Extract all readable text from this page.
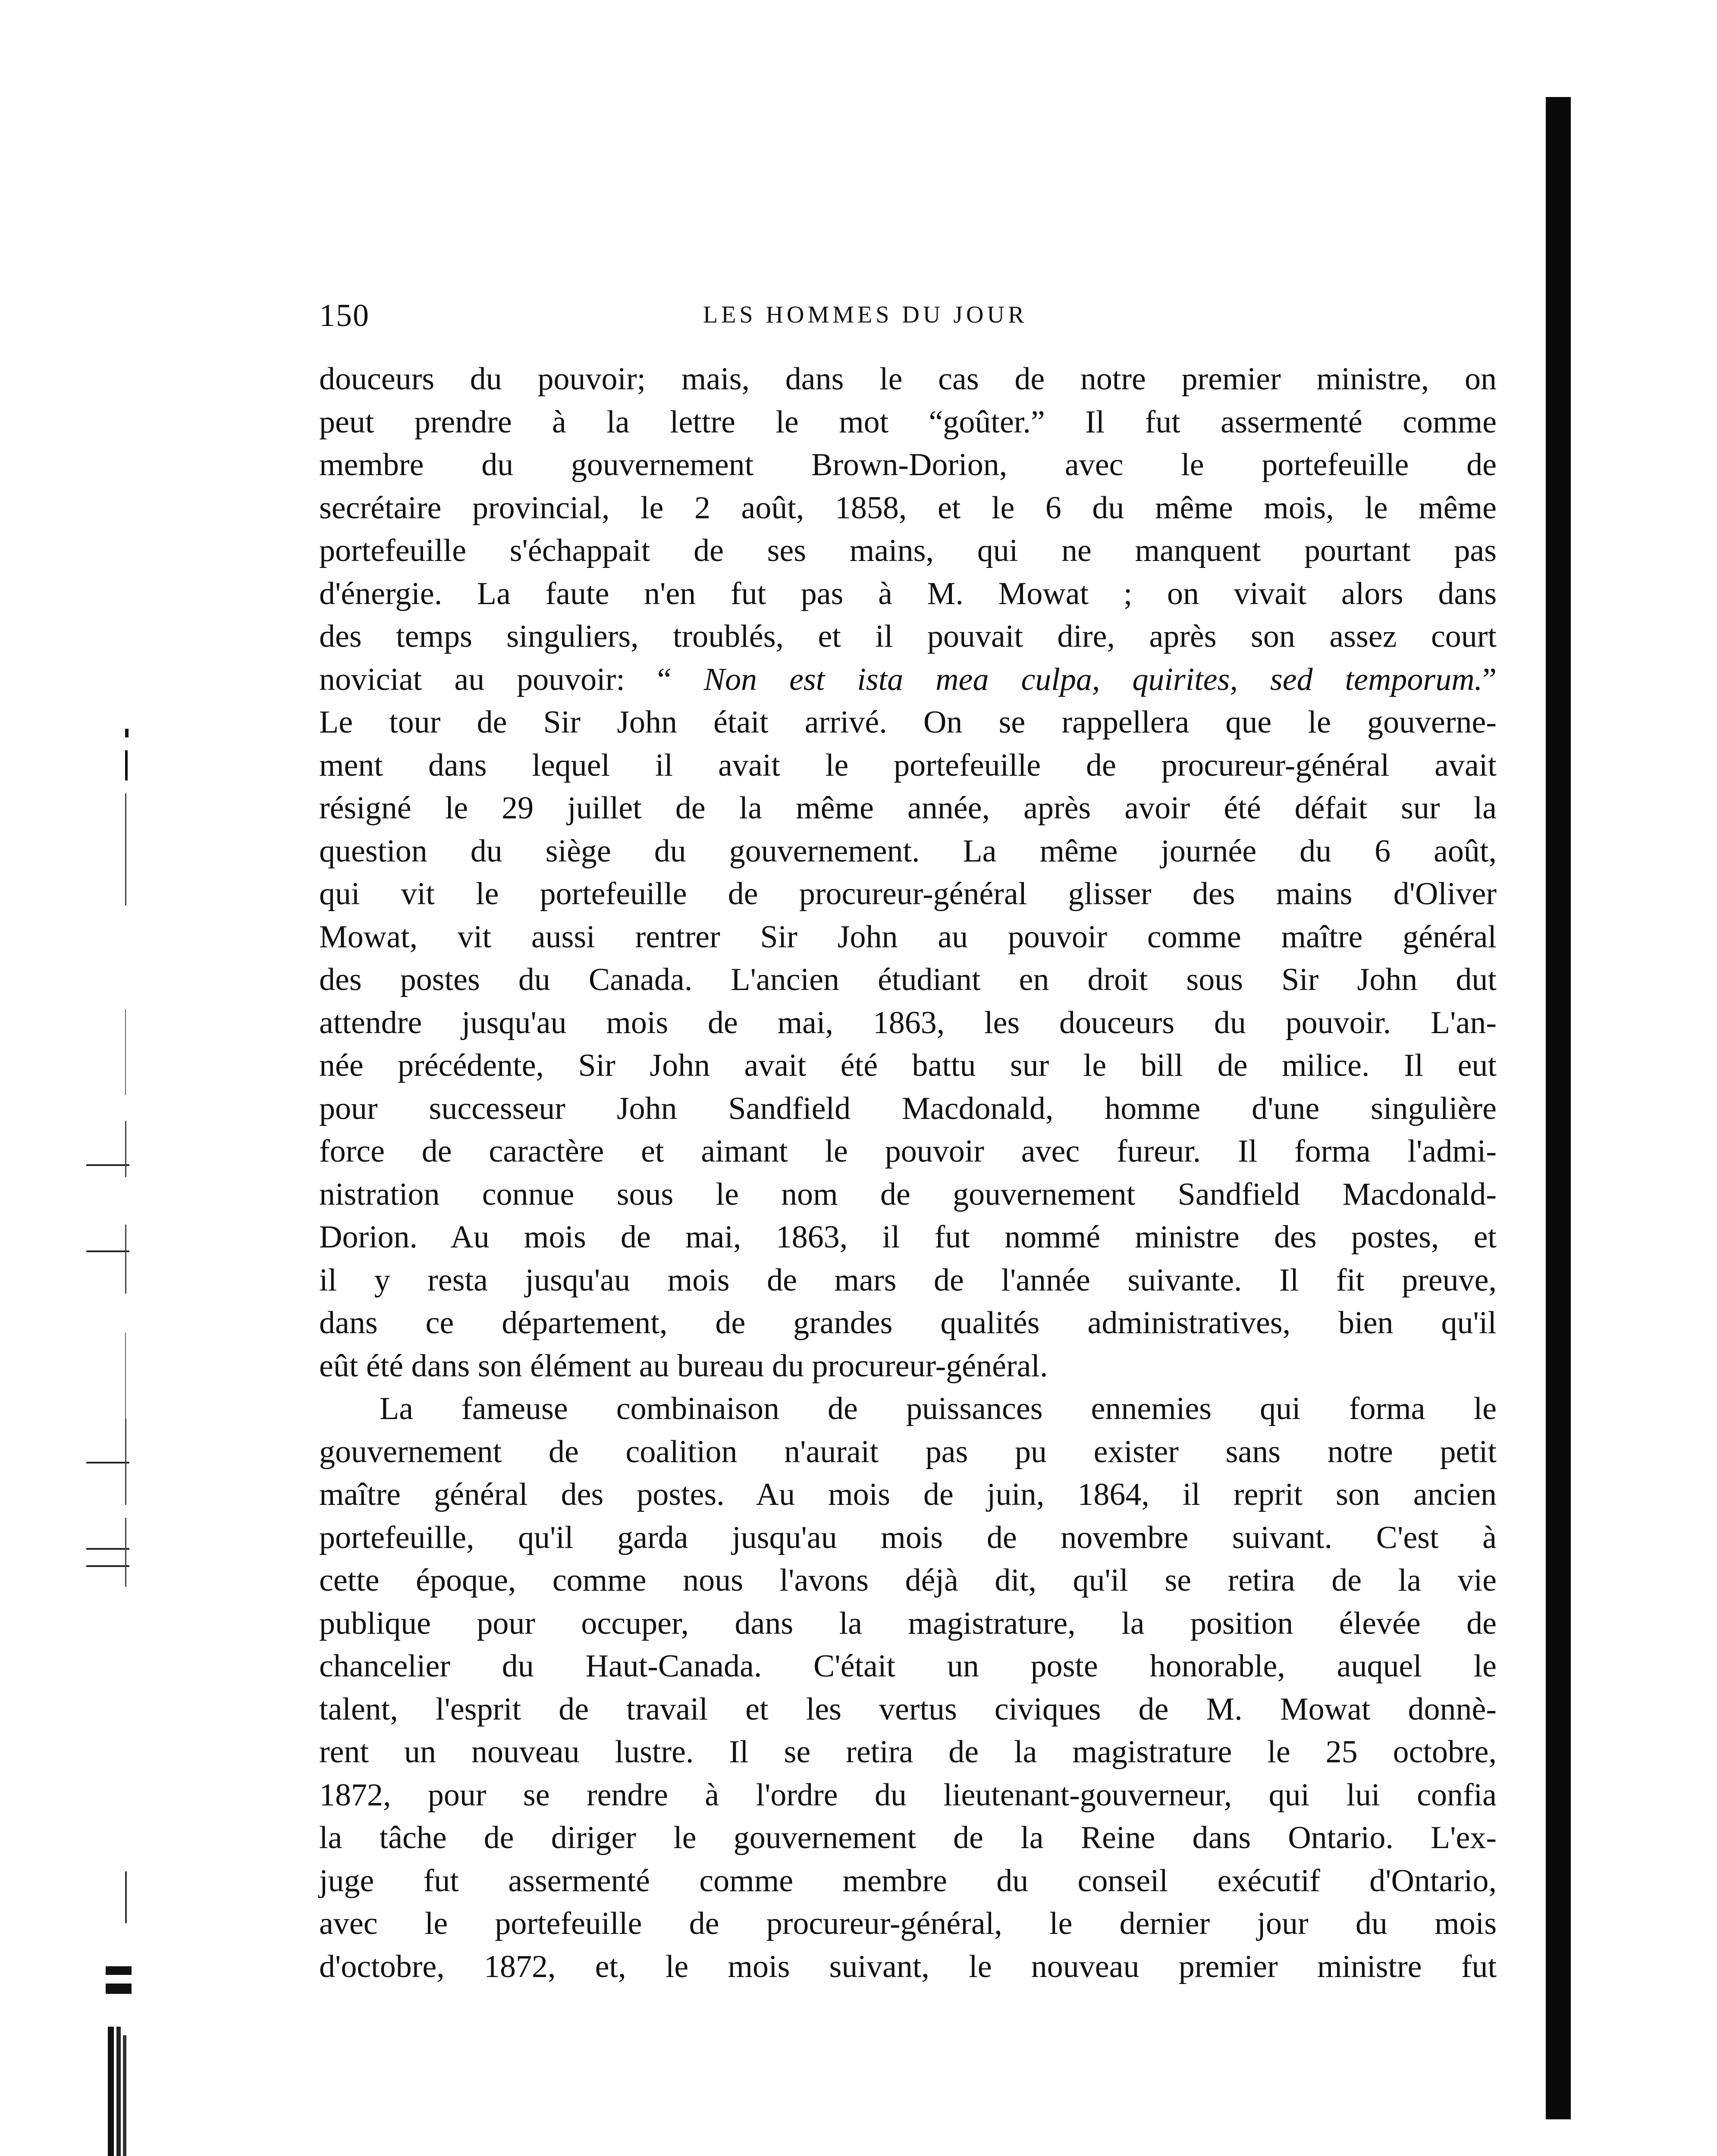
150	LES HOMMES DU JOUR
douceurs du pouvoir; mais, dans le cas de notre premier ministre, on
peut prendre à la lettre le mot “goûter.” Il fut assermenté comme
membre du gouvernement Brown-Dorion, avec le portefeuille de
secrétaire provincial, le 2 août, 1858, et le 6 du même mois, le même
portefeuille s'échappait de ses mains, qui ne manquent pourtant pas
d'énergie. La faute n'en fut pas à M. Mowat ; on vivait alors dans
des temps singuliers, troublés, et il pouvait dire, après son assez court
noviciat au pouvoir: “ Non est ista mea culpa, quirites, sed temporum.”
Le tour de Sir John était arrivé. On se rappellera que le gouverne-
ment dans lequel il avait le portefeuille de procureur-général avait
résigné le 29 juillet de la même année, après avoir été défait sur la
question du siège du gouvernement. La même journée du 6 août,
qui vit le portefeuille de procureur-général glisser des mains d'Oliver
Mowat, vit aussi rentrer Sir John au pouvoir comme maître général
des postes du Canada. L'ancien étudiant en droit sous Sir John dut
attendre jusqu'au mois de mai, 1863, les douceurs du pouvoir. L'an-
née précédente, Sir John avait été battu sur le bill de milice. Il eut
pour successeur John Sandfield Macdonald, homme d'une singulière
force de caractère et aimant le pouvoir avec fureur. Il forma l'admi-
nistration connue sous le nom de gouvernement Sandfield Macdonald-
Dorion. Au mois de mai, 1863, il fut nommé ministre des postes, et
il y resta jusqu'au mois de mars de l'année suivante. Il fit preuve,
dans ce département, de grandes qualités administratives, bien qu'il
eût été dans son élément au bureau du procureur-général.
La fameuse combinaison de puissances ennemies qui forma le
gouvernement de coalition n'aurait pas pu exister sans notre petit
maître général des postes. Au mois de juin, 1864, il reprit son ancien
portefeuille, qu'il garda jusqu'au mois de novembre suivant. C'est à
cette époque, comme nous l'avons déjà dit, qu'il se retira de la vie
publique pour occuper, dans la magistrature, la position élevée de
chancelier du Haut-Canada. C'était un poste honorable, auquel le
talent, l'esprit de travail et les vertus civiques de M. Mowat donnè-
rent un nouveau lustre. Il se retira de la magistrature le 25 octobre,
1872, pour se rendre à l'ordre du lieutenant-gouverneur, qui lui confia
la tâche de diriger le gouvernement de la Reine dans Ontario. L'ex-
juge fut assermenté comme membre du conseil exécutif d'Ontario,
avec le portefeuille de procureur-général, le dernier jour du mois
d'octobre, 1872, et, le mois suivant, le nouveau premier ministre fut
